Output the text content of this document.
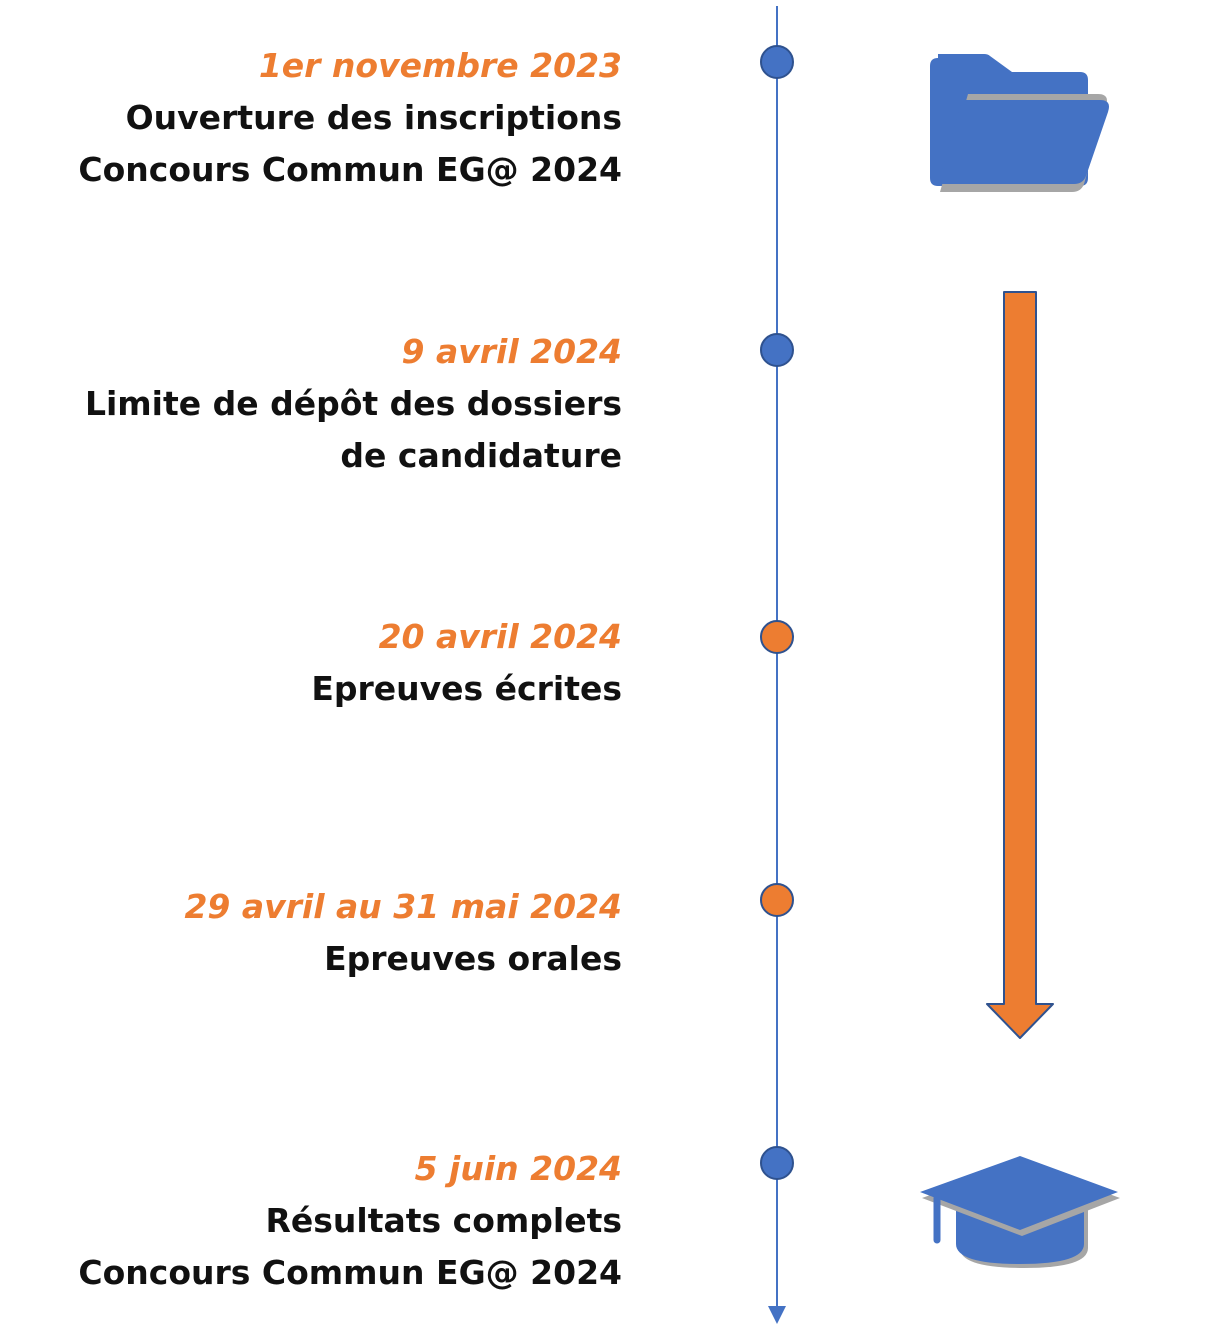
1er novembre 2023
Ouverture des inscriptions
Concours Commun EG@ 2024
9 avril 2024
Limite de dépôt des dossiers
de candidature
20 avril 2024
Epreuves écrites
29 avril au 31 mai 2024
Epreuves orales
5 juin 2024
Résultats complets
Concours Commun EG@ 2024
